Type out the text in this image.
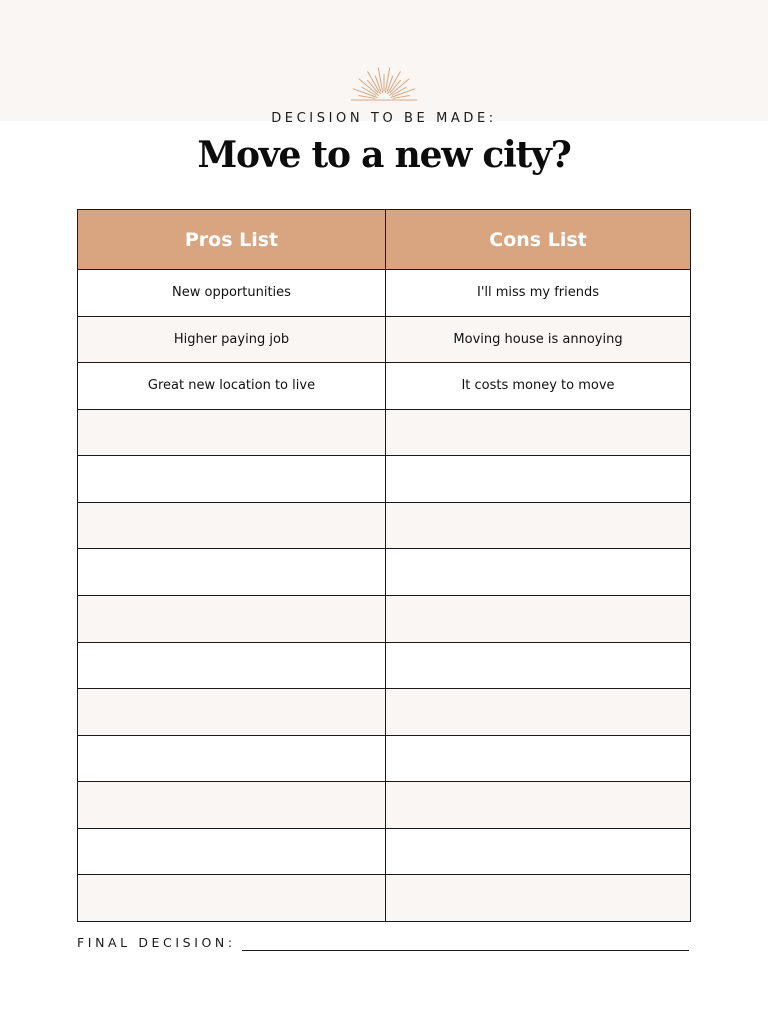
DECISION TO BE MADE:
Move to a new city?
Pros List	Cons List
New opportunities	I'll miss my friends
Higher paying job	Moving house is annoying
Great new location to live	It costs money to move

FINAL DECISION:
